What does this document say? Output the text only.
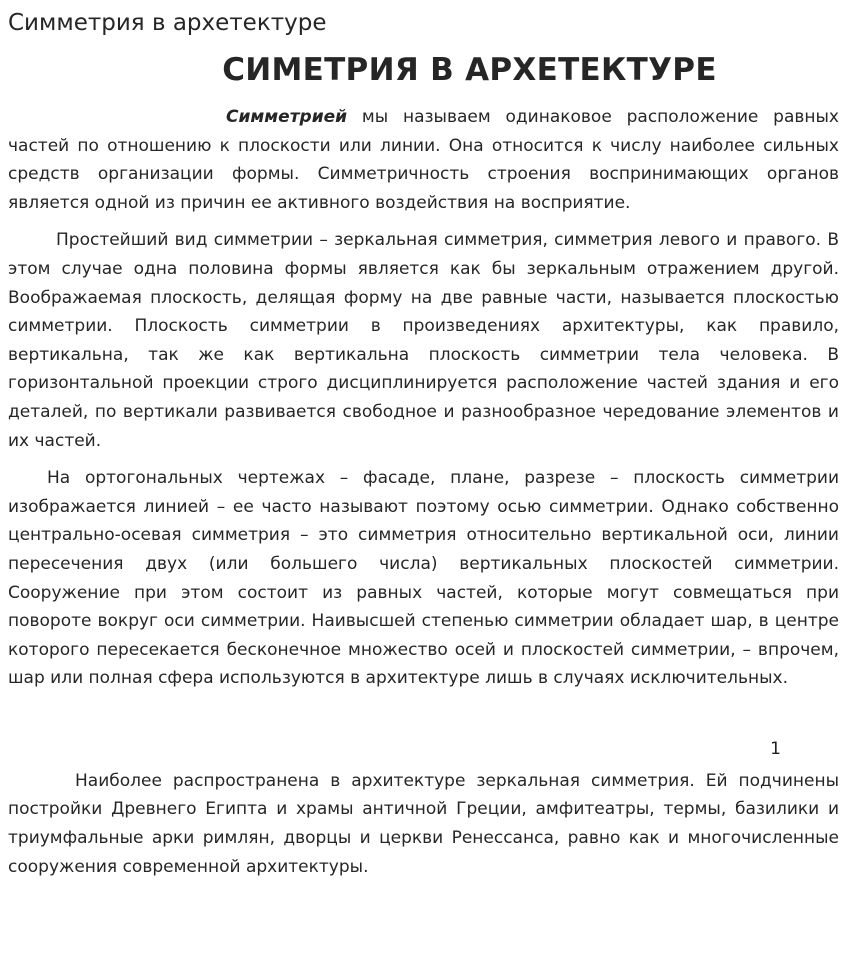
Симметрия в архетектуре
СИМЕТРИЯ В АРХЕТЕКТУРЕ

Симметрией мы называем одинаковое расположение равных частей по отношению к плоскости или линии. Она относится к числу наиболее сильных средств организации формы. Симметричность строения воспринимающих органов является одной из причин ее активного воздействия на восприятие.

Простейший вид симметрии – зеркальная симметрия, симметрия левого и правого. В этом случае одна половина формы является как бы зеркальным отражением другой. Воображаемая плоскость, делящая форму на две равные части, называется плоскостью симметрии. Плоскость симметрии в произведениях архитектуры, как правило, вертикальна, так же как вертикальна плоскость симметрии тела человека. В горизонтальной проекции строго дисциплинируется расположение частей здания и его деталей, по вертикали развивается свободное и разнообразное чередование элементов и их частей.

На ортогональных чертежах – фасаде, плане, разрезе – плоскость симметрии изображается линией – ее часто называют поэтому осью симметрии. Однако собственно центрально-осевая симметрия – это симметрия относительно вертикальной оси, линии пересечения двух (или большего числа) вертикальных плоскостей симметрии. Сооружение при этом состоит из равных частей, которые могут совмещаться при повороте вокруг оси симметрии. Наивысшей степенью симметрии обладает шар, в центре которого пересекается бесконечное множество осей и плоскостей симметрии, – впрочем, шар или полная сфера используются в архитектуре лишь в случаях исключительных.

1

Наиболее распространена в архитектуре зеркальная симметрия. Ей подчинены постройки Древнего Египта и храмы античной Греции, амфитеатры, термы, базилики и триумфальные арки римлян, дворцы и церкви Ренессанса, равно как и многочисленные сооружения современной архитектуры.
